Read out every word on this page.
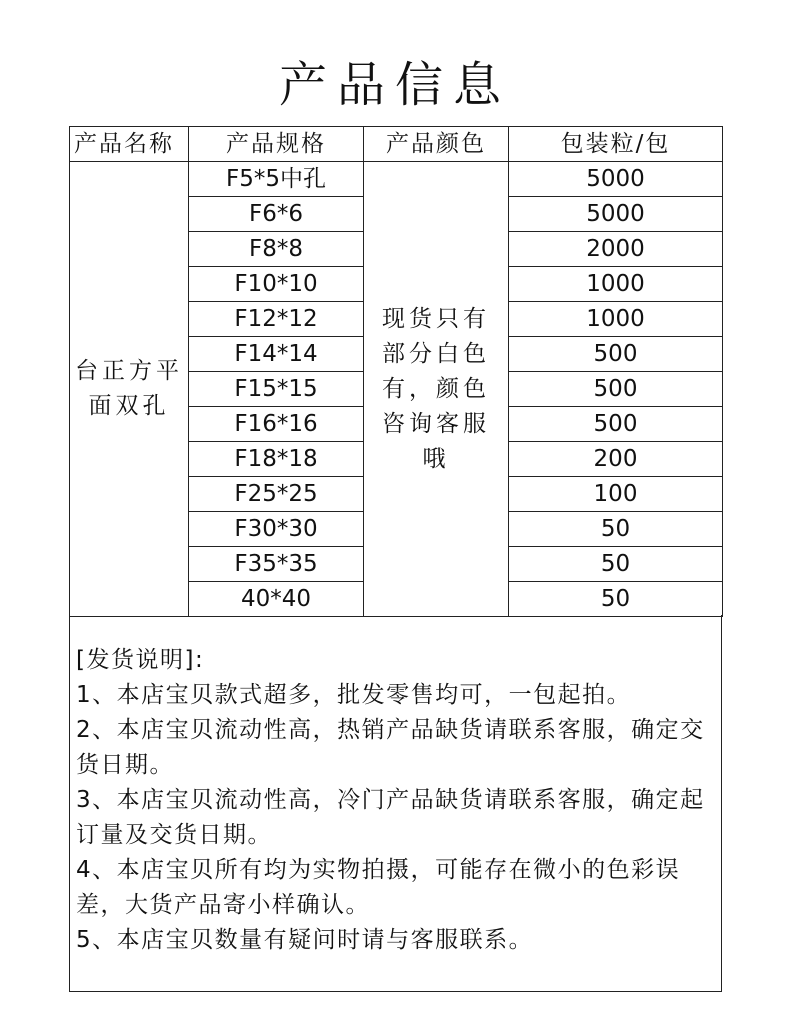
产品信息
产品名称	产品规格	产品颜色	包装粒/包
台正方平面双孔	F5*5中孔	现货只有部分白色有，颜色咨询客服哦	5000
	F6*6		5000
	F8*8		2000
	F10*10		1000
	F12*12		1000
	F14*14		500
	F15*15		500
	F16*16		500
	F18*18		200
	F25*25		100
	F30*30		50
	F35*35		50
	40*40		50
[发货说明]:
1、本店宝贝款式超多，批发零售均可，一包起拍。
2、本店宝贝流动性高，热销产品缺货请联系客服，确定交货日期。
3、本店宝贝流动性高，冷门产品缺货请联系客服，确定起订量及交货日期。
4、本店宝贝所有均为实物拍摄，可能存在微小的色彩误差，大货产品寄小样确认。
5、本店宝贝数量有疑问时请与客服联系。
